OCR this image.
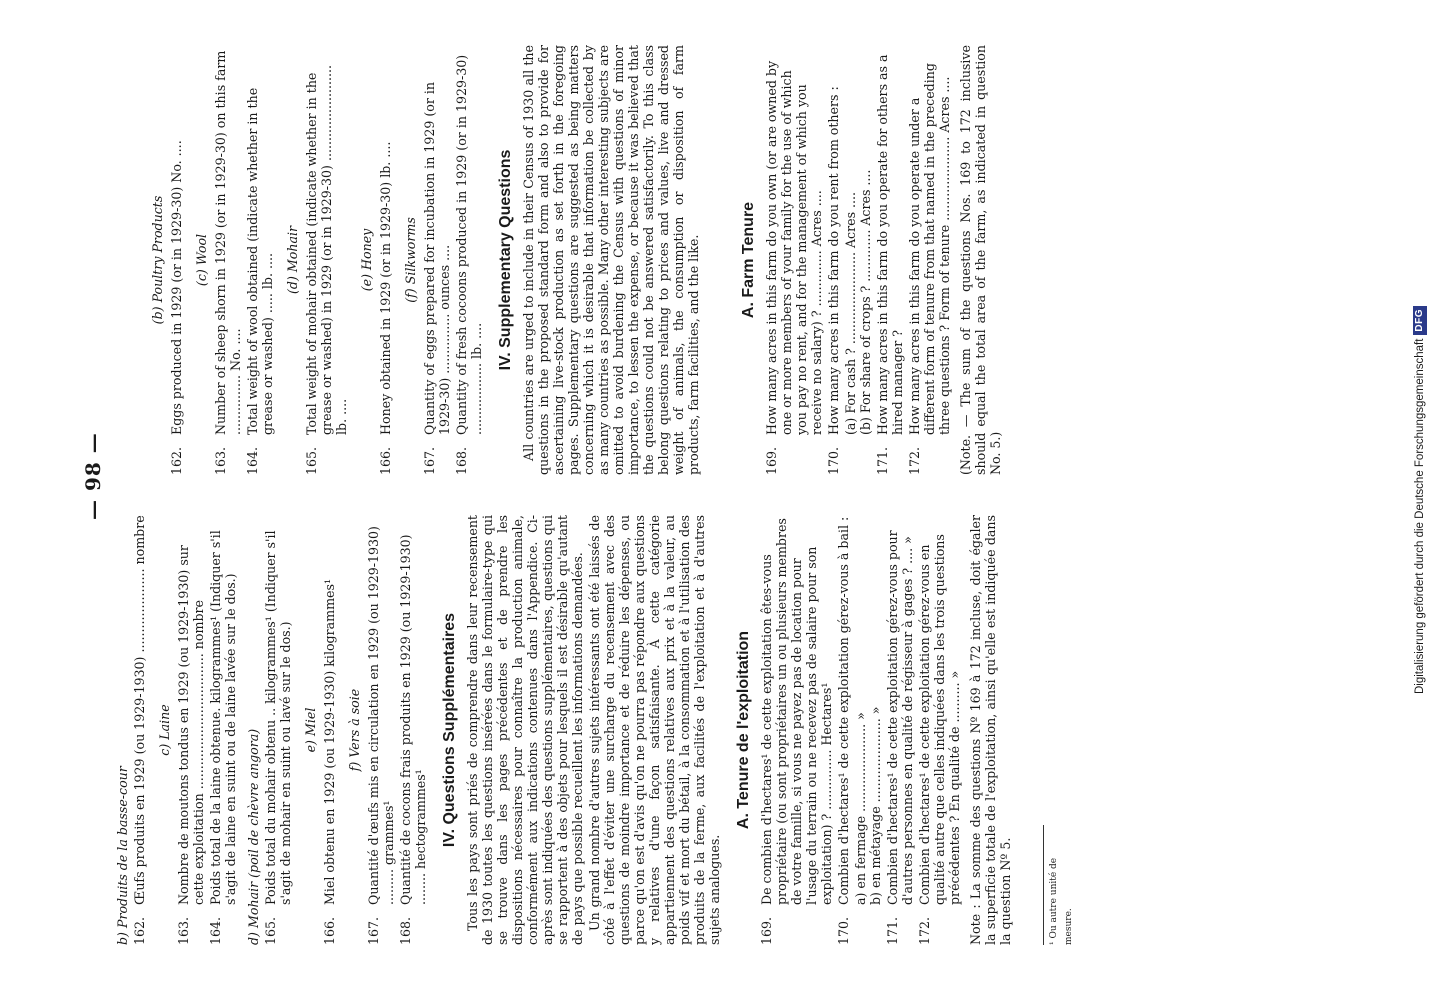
— 98 —
b) Produits de la basse-cour 162.
Œufs produits en 1929 (ou 1929-1930) ..................... nombre c) Laine
163.
Nombre de moutons tondus en 1929 (ou 1929-1930) sur cette exploitation .................................. nombre
164.
Poids total de la laine obtenue. kilogrammes¹ (Indiquer s'il s'agit de laine en suint ou de laine lavée sur le dos.) d) Mohair (poil de chèvre angora) 165.
Poids total du mohair obtenu .. kilogrammes¹ (Indiquer s'il s'agit de mohair en suint ou lavé sur le dos.) e) Miel
166.
Miel obtenu en 1929 (ou 1929-1930) kilogrammes¹ f) Vers à soie
167.
Quantité d'œufs mis en circulation en 1929 (ou 1929-1930) ......... grammes¹
168.
Quantité de cocons frais produits en 1929 (ou 1929-1930) ........ hectogrammes¹ IV. Questions Supplémentaires Tous les pays sont priés de comprendre dans leur recensement de 1930 toutes les questions insérées dans le formulaire-type qui se trouve dans les pages précédentes et de prendre les dispositions nécessaires pour connaître la production animale, conformément aux indications contenues dans l'Appendice. Ci-après sont indiquées des questions supplémentaires, questions qui se rapportent à des objets pour lesquels il est désirable qu'autant de pays que possible recueillent les informations demandées. Un grand nombre d'autres sujets intéressants ont été laissés de côté à l'effet d'éviter une surcharge du recensement avec des questions de moindre importance et de réduire les dépenses, ou parce qu'on est d'avis qu'on ne pourra pas répondre aux questions y relatives d'une façon satisfaisante. À cette catégorie appartiennent des questions relatives aux prix et à la valeur, au poids vif et mort du bétail, à la consommation et à l'utilisation des produits de la ferme, aux facilités de l'exploitation et à d'autres sujets analogues.

A. Tenure de l'exploitation
169.
De combien d'hectares¹ de cette exploitation êtes-vous propriétaire (ou sont propriétaires un ou plusieurs membres de votre famille, si vous ne payez pas de location pour l'usage du terrain ou ne recevez pas de salaire pour son exploitation) ? ............... Hectares¹
170.
Combien d'hectares¹ de cette exploitation gérez-vous à bail : a) en fermage ...................... » b) en métayage ..................... »
171.
Combien d'hectares¹ de cette exploitation gérez-vous pour d'autres personnes en qualité de régisseur à gages ? .... »
172.
Combien d'hectares¹ de cette exploitation gérez-vous en qualité autre que celles indiquées dans les trois questions précédentes ? En qualité de .......... » Note : La somme des questions Nº 169 à 172 incluse, doit égaler la superficie totale de l'exploitation, ainsi qu'elle est indiquée dans la question Nº 5.	¹ Ou autre unité de mesure.
(b) Poultry Products
162.
Eggs produced in 1929 (or in 1929-30) No. .... (c) Wool
163.
Number of sheep shorn in 1929 (or in 1929-30) on this farm ............... No. ....
164.
Total weight of wool obtained (indicate whether in the grease or washed) ..... lb. .... (d) Mohair
165.
Total weight of mohair obtained (indicate whether in the grease or washed) in 1929 (or in 1929-30) ........................ lb. ....
(e) Honey
166.
Honey obtained in 1929 (or in 1929-30) lb. .... (f) Silkworms
167.
Quantity of eggs prepared for incubation in 1929 (or in 1929-30) ............... ounces ....
168.
Quantity of fresh cocoons produced in 1929 (or in 1929-30) .................. lb. ....
IV. Supplementary Questions All countries are urged to include in their Census of 1930 all the questions in the proposed standard form and also to provide for ascertaining live-stock production as set forth in the foregoing pages. Supplementary questions are suggested as being matters concerning which it is desirable that information be collected by as many countries as possible. Many other interesting subjects are omitted to avoid burdening the Census with questions of minor importance, to lessen the expense, or because it was believed that the questions could not be answered satisfactorily. To this class belong questions relating to prices and values, live and dressed weight of animals, the consumption or disposition of farm products, farm facilities, and the like. A. Farm Tenure
169.
How many acres in this farm do you own (or are owned by one or more members of your family for the use of which you pay no rent, and for the management of which you receive no salary) ? .............. Acres ....
170.
How many acres in this farm do you rent from others : (a) For cash ? ....................... Acres .... (b) For share of crops ? ............. Acres ....
171.
How many acres in this farm do you operate for others as a hired manager ?
172.
How many acres in this farm do you operate under a different form of tenure from that named in the preceding three questions ? Form of tenure ..................... Acres .... (Note. — The sum of the questions Nos. 169 to 172 inclusive should equal the total area of the farm, as indicated in question No. 5.)	Digitalisierung gefördert durch die Deutsche Forschungsgemeinschaft
DFG
